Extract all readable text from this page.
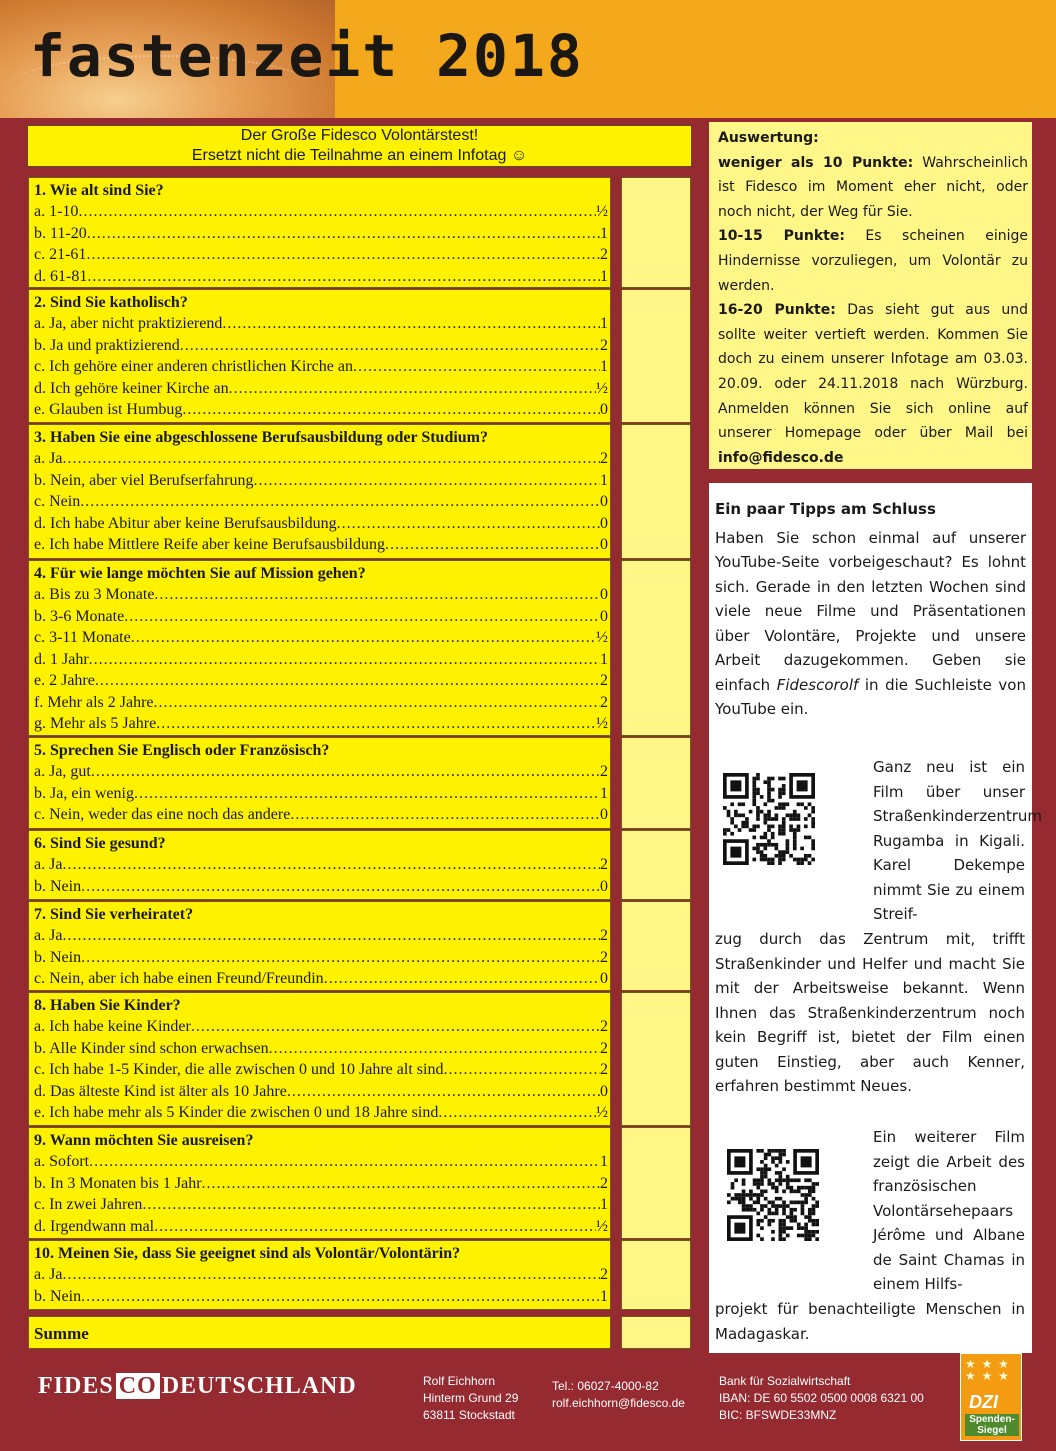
fastenzeit 2018
Der Große Fidesco Volontärstest!
Ersetzt nicht die Teilnahme an einem Infotag ☺
1. Wie alt sind Sie?
a. 1-10 .....	½
b. 11-20 .....	1
c. 21-61 .....	2
d. 61-81 .....	1
2. Sind Sie katholisch?
a. Ja, aber nicht praktizierend .....	1
b. Ja und praktizierend .....	2
c. Ich gehöre einer anderen christlichen Kirche an .....	1
d. Ich gehöre keiner Kirche an .....	½
e. Glauben ist Humbug .....	0
3. Haben Sie eine abgeschlossene Berufsausbildung oder Studium?
a. Ja .....	2
b. Nein, aber viel Berufserfahrung .....	1
c. Nein .....	0
d. Ich habe Abitur aber keine Berufsausbildung .....	0
e. Ich habe Mittlere Reife aber keine Berufsausbildung .....	0
4. Für wie lange möchten Sie auf Mission gehen?
a. Bis zu 3 Monate .....	0
b. 3-6 Monate .....	0
c. 3-11 Monate .....	½
d. 1 Jahr .....	1
e. 2 Jahre .....	2
f. Mehr als 2 Jahre .....	2
g. Mehr als 5 Jahre .....	½
5. Sprechen Sie Englisch oder Französisch?
a. Ja, gut .....	2
b. Ja, ein wenig .....	1
c. Nein, weder das eine noch das andere .....	0
6. Sind Sie gesund?
a. Ja .....	2
b. Nein .....	0
7. Sind Sie verheiratet?
a. Ja .....	2
b. Nein .....	2
c. Nein, aber ich habe einen Freund/Freundin .....	0
8. Haben Sie Kinder?
a. Ich habe keine Kinder .....	2
b. Alle Kinder sind schon erwachsen .....	2
c. Ich habe 1-5 Kinder, die alle zwischen 0 und 10 Jahre alt sind .....	2
d. Das älteste Kind ist älter als 10 Jahre .....	0
e. Ich habe mehr als 5 Kinder die zwischen 0 und 18 Jahre sind .....	½
9. Wann möchten Sie ausreisen?
a. Sofort .....	1
b. In 3 Monaten bis 1 Jahr .....	2
c. In zwei Jahren .....	1
d. Irgendwann mal .....	½
10. Meinen Sie, dass Sie geeignet sind als Volontär/Volontärin?
a. Ja .....	2
b. Nein .....	1
Summe

Auswertung:

weniger als 10 Punkte: Wahrscheinlich ist Fidesco im Moment eher nicht, oder noch nicht, der Weg für Sie.

10-15 Punkte: Es scheinen einige Hindernisse vorzuliegen, um Volontär zu werden.

16-20 Punkte: Das sieht gut aus und sollte weiter vertieft werden. Kommen Sie doch zu einem unserer Infotage am 03.03. 20.09. oder 24.11.2018 nach Würzburg. Anmelden können Sie sich online auf unserer Homepage oder über Mail bei info@fidesco.de

Ein paar Tipps am Schluss

Haben Sie schon einmal auf unserer YouTube-Seite vorbeigeschaut? Es lohnt sich. Gerade in den letzten Wochen sind viele neue Filme und Präsentationen über Volontäre, Projekte und unsere Arbeit dazugekommen. Geben sie einfach Fidescorolf in die Suchleiste von YouTube ein.

Ganz neu ist ein Film über unser Straßenkinderzentrum Rugamba in Kigali. Karel Dekempe nimmt Sie zu einem Streif-
zug durch das Zentrum mit, trifft Straßenkinder und Helfer und macht Sie mit der Arbeitsweise bekannt. Wenn Ihnen das Straßenkinderzentrum noch kein Begriff ist, bietet der Film einen guten Einstieg, aber auch Kenner, erfahren bestimmt Neues.
Ein weiterer Film zeigt die Arbeit des französischen Volontärsehepaars Jérôme und Albane de Saint Chamas in einem Hilfs-
projekt für benachteiligte Menschen in Madagaskar.
FIDES CO DEUTSCHLAND	Rolf Eichhorn
Hinterm Grund 29
63811 Stockstadt
Tel.: 06027-4000-82
rolf.eichhorn@fidesco.de
Bank für Sozialwirtschaft
IBAN: DE 60 5502 0500 0008 6321 00
BIC: BFSWDE33MNZ
★ ★ ★
★ ★ ★
DZI
Spenden-Siegel
